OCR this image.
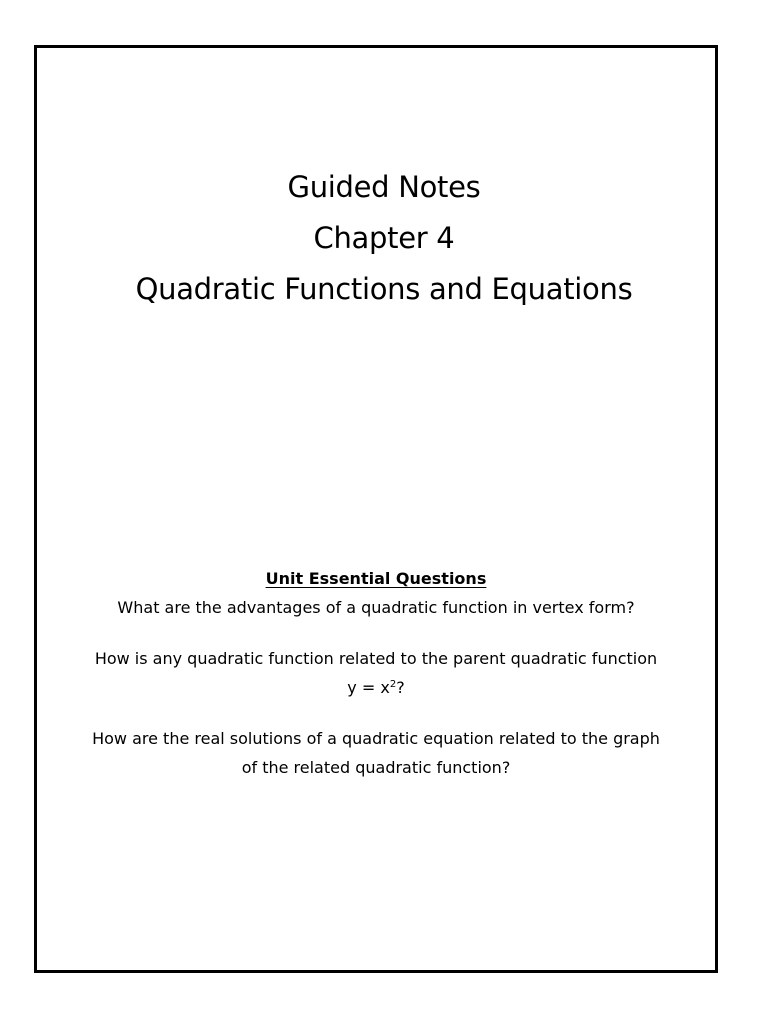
Guided Notes
Chapter 4
Quadratic Functions and Equations
Unit Essential Questions

What are the advantages of a quadratic function in vertex form?

How is any quadratic function related to the parent quadratic function
$y = x^2$?

How are the real solutions of a quadratic equation related to the graph
of the related quadratic function?
